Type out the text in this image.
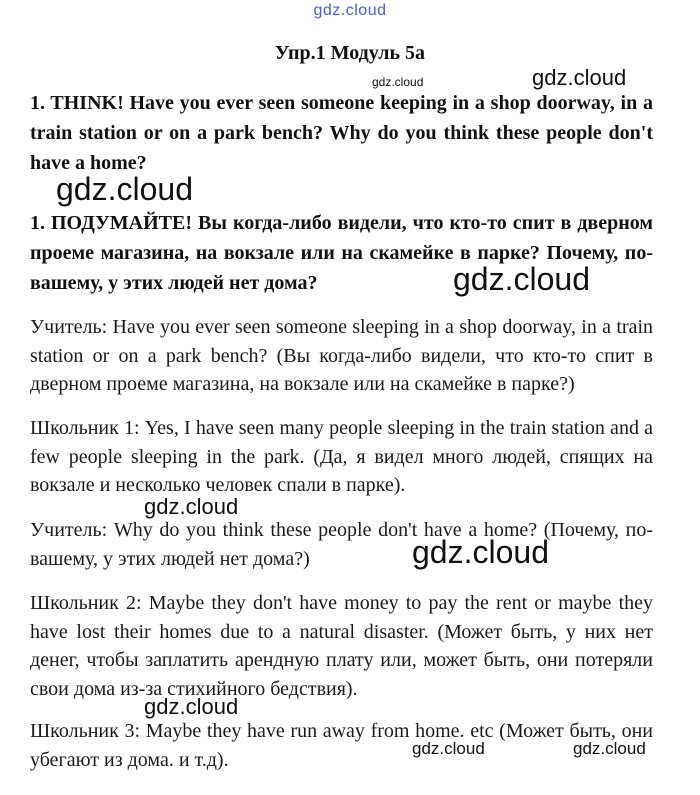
gdz.cloud
Упр.1 Модуль 5а
1. THINK! Have you ever seen someone keeping in a shop doorway, in a train station or on a park bench? Why do you think these people don't have a home?
1. ПОДУМАЙТЕ! Вы когда-либо видели, что кто-то спит в дверном проеме магазина, на вокзале или на скамейке в парке? Почему, по-вашему, у этих людей нет дома?
Учитель: Have you ever seen someone sleeping in a shop doorway, in a train station or on a park bench? (Вы когда-либо видели, что кто-то спит в дверном проеме магазина, на вокзале или на скамейке в парке?)
Школьник 1: Yes, I have seen many people sleeping in the train station and a few people sleeping in the park. (Да, я видел много людей, спящих на вокзале и несколько человек спали в парке).
Учитель: Why do you think these people don't have a home? (Почему, по-вашему, у этих людей нет дома?)
Школьник 2: Maybe they don't have money to pay the rent or maybe they have lost their homes due to a natural disaster. (Может быть, у них нет денег, чтобы заплатить арендную плату или, может быть, они потеряли свои дома из-за стихийного бедствия).
Школьник 3: Maybe they have run away from home. etc (Может быть, они убегают из дома. и т.д).
gdz.cloud	gdz.cloud
gdz.cloud
gdz.cloud
gdz.cloud
gdz.cloud
gdz.cloud
gdz.cloud	gdz.cloud
